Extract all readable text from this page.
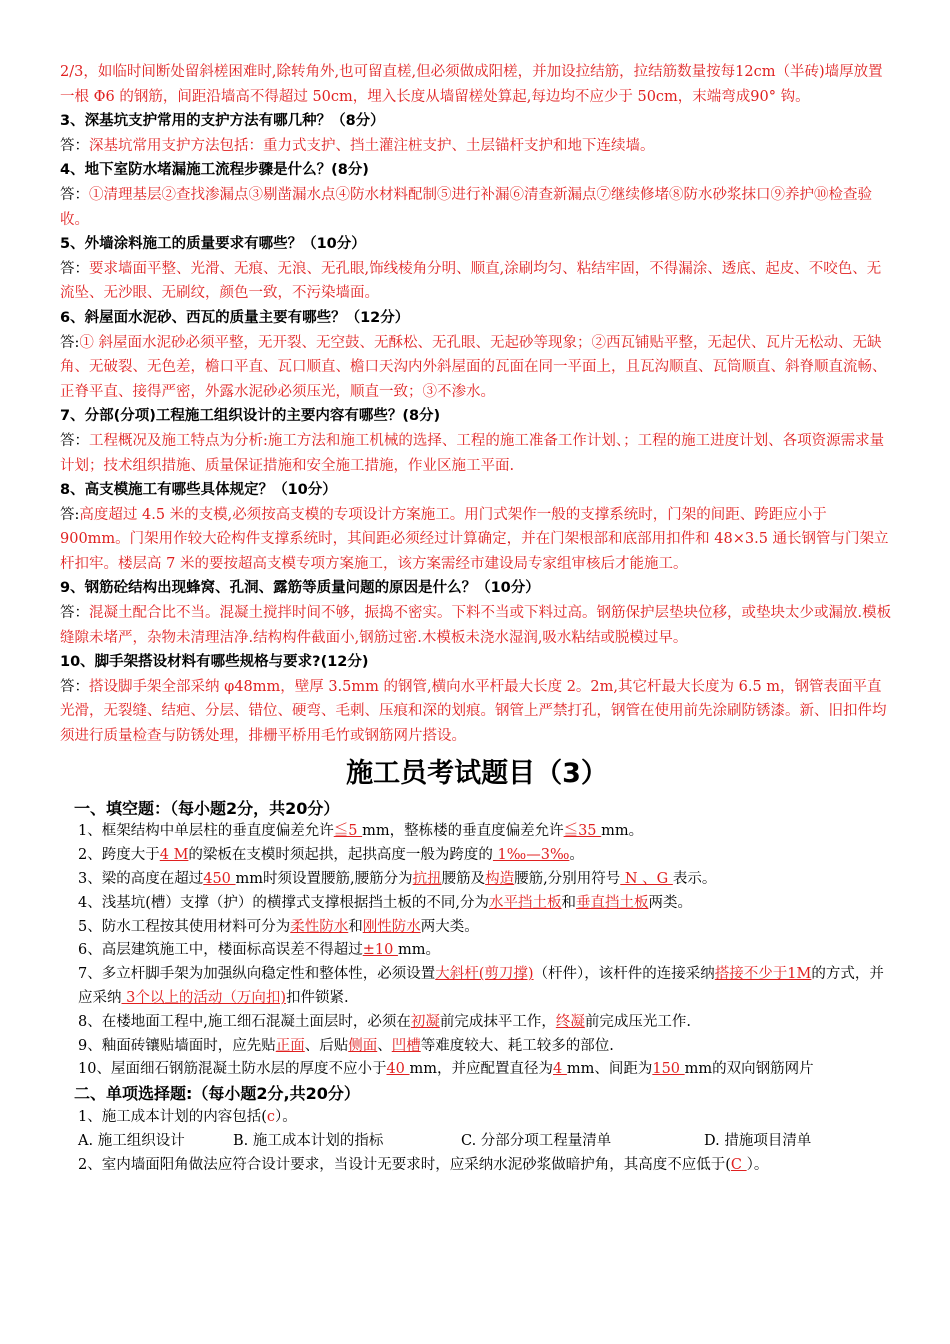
2/3，如临时间断处留斜槎困难时,除转角外,也可留直槎,但必须做成阳槎，并加设拉结筋，拉结筋数量按每12cm（半砖)墙厚放置一根 Φ6 的钢筋，间距沿墙高不得超过 50cm，埋入长度从墙留槎处算起,每边均不应少于 50cm，末端弯成90° 钩。

3、深基坑支护常用的支护方法有哪几种？（8分）

答：深基坑常用支护方法包括：重力式支护、挡土灌注桩支护、土层锚杆支护和地下连续墙。

4、地下室防水堵漏施工流程步骤是什么？(8分)

答：①清理基层②查找渗漏点③剔凿漏水点④防水材料配制⑤进行补漏⑥清查新漏点⑦继续修堵⑧防水砂浆抹口⑨养护⑩检查验收。

5、外墙涂料施工的质量要求有哪些？（10分）

答：要求墙面平整、光滑、无痕、无浪、无孔眼,饰线棱角分明、顺直,涂刷均匀、粘结牢固，不得漏涂、透底、起皮、不咬色、无流坠、无沙眼、无刷纹，颜色一致，不污染墙面。

6、斜屋面水泥砂、西瓦的质量主要有哪些？（12分）

答:① 斜屋面水泥砂必须平整，无开裂、无空鼓、无酥松、无孔眼、无起砂等现象；②西瓦铺贴平整，无起伏、瓦片无松动、无缺角、无破裂、无色差，檐口平直、瓦口顺直、檐口天沟内外斜屋面的瓦面在同一平面上，且瓦沟顺直、瓦筒顺直、斜脊顺直流畅、正脊平直、接得严密，外露水泥砂必须压光，顺直一致；③不渗水。

7、分部(分项)工程施工组织设计的主要内容有哪些？(8分)

答：工程概况及施工特点为分析:施工方法和施工机械的选择、工程的施工准备工作计划、；工程的施工进度计划、各项资源需求量计划；技术组织措施、质量保证措施和安全施工措施，作业区施工平面.

8、高支模施工有哪些具体规定？（10分）

答:高度超过 4.5 米的支模,必须按高支模的专项设计方案施工。用门式架作一般的支撑系统时，门架的间距、跨距应小于 900mm。门架用作较大砼构件支撑系统时，其间距必须经过计算确定，并在门架根部和底部用扣件和 48×3.5 通长钢管与门架立杆扣牢。楼层高 7 米的要按超高支模专项方案施工，该方案需经市建设局专家组审核后才能施工。

9、钢筋砼结构出现蜂窝、孔洞、露筋等质量问题的原因是什么？（10分）

答：混凝土配合比不当。混凝土搅拌时间不够，振捣不密实。下料不当或下料过高。钢筋保护层垫块位移，或垫块太少或漏放.模板缝隙未堵严，杂物未清理洁净.结构构件截面小,钢筋过密.木模板未浇水湿润,吸水粘结或脱模过早。

10、脚手架搭设材料有哪些规格与要求?(12分)

答：搭设脚手架全部采纳 φ48mm，壁厚 3.5mm 的钢管,横向水平杆最大长度 2。2m,其它杆最大长度为 6.5 m，钢管表面平直光滑，无裂缝、结疤、分层、错位、硬弯、毛刺、压痕和深的划痕。钢管上严禁打孔，钢管在使用前先涂刷防锈漆。新、旧扣件均须进行质量检查与防锈处理，排栅平桥用毛竹或钢筋网片搭设。

施工员考试题目（3）
一、填空题：（每小题2分，共20分）

1、框架结构中单层柱的垂直度偏差允许≦5 mm，整栋楼的垂直度偏差允许≦35 mm。

2、跨度大于4 M的梁板在支模时须起拱，起拱高度一般为跨度的 1‰—3‰。

3、梁的高度在超过450 mm时须设置腰筋,腰筋分为抗扭腰筋及构造腰筋,分别用符号 N 、G 表示。

4、浅基坑(槽）支撑（护）的横撑式支撑根据挡土板的不同,分为水平挡土板和垂直挡土板两类。

5、防水工程按其使用材料可分为柔性防水和刚性防水两大类。

6、高层建筑施工中，楼面标高误差不得超过±10 mm。

7、多立杆脚手架为加强纵向稳定性和整体性，必须设置大斜杆(剪刀撑)（杆件），该杆件的连接采纳搭接不少于1M的方式，并应采纳 3个以上的活动（万向扣)扣件锁紧.

8、在楼地面工程中,施工细石混凝土面层时，必须在初凝前完成抹平工作，终凝前完成压光工作.

9、釉面砖镶贴墙面时，应先贴正面、后贴侧面、凹槽等难度较大、耗工较多的部位.

10、屋面细石钢筋混凝土防水层的厚度不应小于40 mm，并应配置直径为4 mm、间距为150 mm的双向钢筋网片

二、单项选择题:（每小题2分,共20分）

1、施工成本计划的内容包括(c）。

A. 施工组织设计	B. 施工成本计划的指标	C. 分部分项工程量清单	D. 措施项目清单

2、室内墙面阳角做法应符合设计要求，当设计无要求时，应采纳水泥砂浆做暗护角，其高度不应低于(C ）。
